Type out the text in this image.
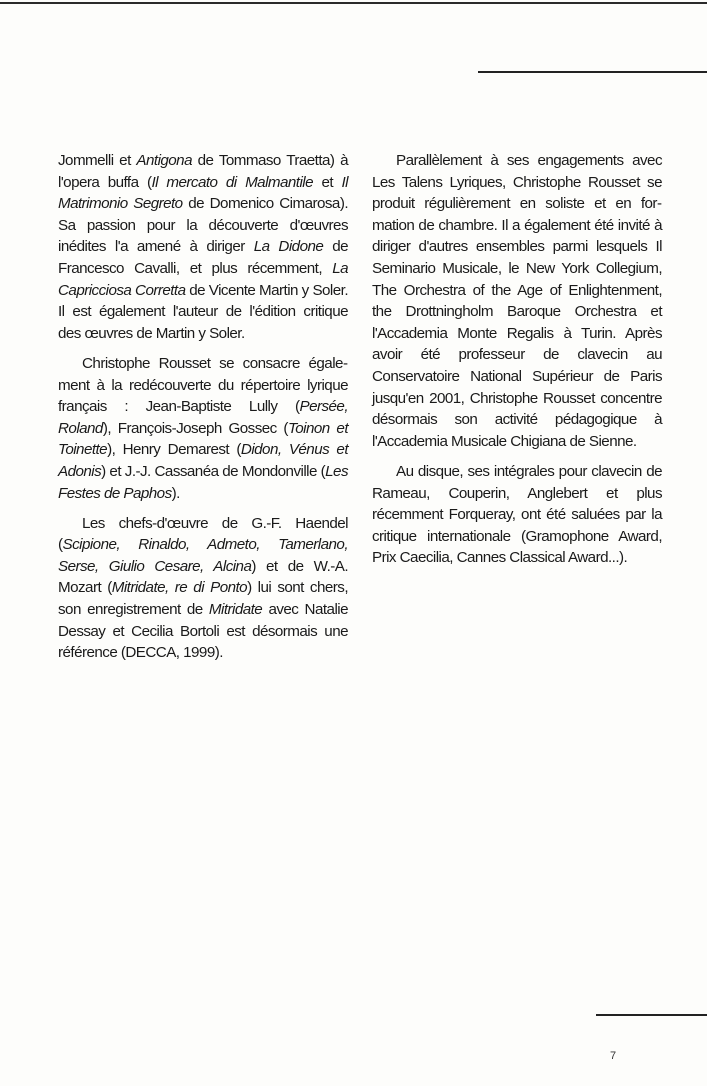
Jommelli et Antigona de Tommaso Traetta) à l'opera buffa (Il mercato di Malmantile et Il Matrimonio Segreto de Domenico Cimarosa). Sa passion pour la découverte d'œuvres inédites l'a amené à diriger La Didone de Francesco Cavalli, et plus récemment, La Capricciosa Corretta de Vicente Martin y Soler. Il est également l'auteur de l'édition critique des œuvres de Martin y Soler.

Christophe Rousset se consacre également à la redécouverte du répertoire lyrique français : Jean-Baptiste Lully (Persée, Roland), François-Joseph Gossec (Toinon et Toinette), Henry Demarest (Didon, Vénus et Adonis) et J.-J. Cassanéa de Mondonville (Les Festes de Paphos).

Les chefs-d'œuvre de G.-F. Haendel (Scipione, Rinaldo, Admeto, Tamerlano, Serse, Giulio Cesare, Alcina) et de W.-A. Mozart (Mitridate, re di Ponto) lui sont chers, son enregistrement de Mitridate avec Natalie Dessay et Cecilia Bortoli est désormais une référence (DECCA, 1999).

Parallèlement à ses engagements avec Les Talens Lyriques, Christophe Rousset se produit régulièrement en soliste et en formation de chambre. Il a également été invité à diriger d'autres ensembles parmi lesquels Il Seminario Musicale, le New York Collegium, The Orchestra of the Age of Enlightenment, the Drottningholm Baroque Orchestra et l'Accademia Monte Regalis à Turin. Après avoir été professeur de clavecin au Conservatoire National Supérieur de Paris jusqu'en 2001, Christophe Rousset concentre désormais son activité pédagogique à l'Accademia Musicale Chigiana de Sienne.

Au disque, ses intégrales pour clavecin de Rameau, Couperin, Anglebert et plus récemment Forqueray, ont été saluées par la critique internationale (Gramophone Award, Prix Caecilia, Cannes Classical Award...).

7
